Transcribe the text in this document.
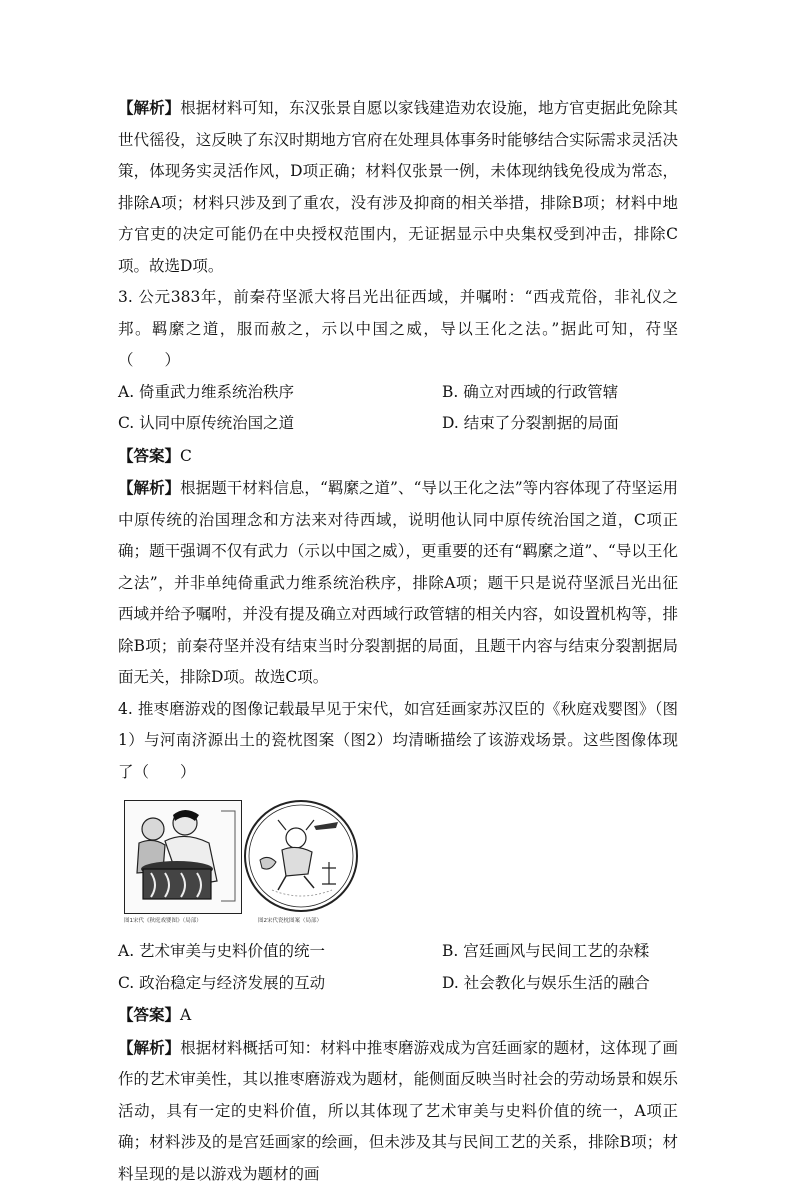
【解析】根据材料可知，东汉张景自愿以家钱建造劝农设施，地方官吏据此免除其世代徭役，这反映了东汉时期地方官府在处理具体事务时能够结合实际需求灵活决策，体现务实灵活作风，D项正确；材料仅张景一例，未体现纳钱免役成为常态，排除A项；材料只涉及到了重农，没有涉及抑商的相关举措，排除B项；材料中地方官吏的决定可能仍在中央授权范围内，无证据显示中央集权受到冲击，排除C项。故选D项。

3. 公元383年，前秦苻坚派大将吕光出征西域，并嘱咐：“西戎荒俗，非礼仪之邦。羁縻之道，服而赦之，示以中国之威，导以王化之法。”据此可知，苻坚（　　）

A. 倚重武力维系统治秩序	B. 确立对西域的行政管辖
C. 认同中原传统治国之道	D. 结束了分裂割据的局面

【答案】C

【解析】根据题干材料信息，“羁縻之道”、“导以王化之法”等内容体现了苻坚运用中原传统的治国理念和方法来对待西域，说明他认同中原传统治国之道，C项正确；题干强调不仅有武力（示以中国之威），更重要的还有“羁縻之道”、“导以王化之法”，并非单纯倚重武力维系统治秩序，排除A项；题干只是说苻坚派吕光出征西域并给予嘱咐，并没有提及确立对西域行政管辖的相关内容，如设置机构等，排除B项；前秦苻坚并没有结束当时分裂割据的局面，且题干内容与结束分裂割据局面无关，排除D项。故选C项。

4. 推枣磨游戏的图像记载最早见于宋代，如宫廷画家苏汉臣的《秋庭戏婴图》（图1）与河南济源出土的瓷枕图案（图2）均清晰描绘了该游戏场景。这些图像体现了（　　）

图1宋代《秋庭戏婴图》（局部）	图2宋代瓷枕图案（局部）
A. 艺术审美与史料价值的统一	B. 宫廷画风与民间工艺的杂糅
C. 政治稳定与经济发展的互动	D. 社会教化与娱乐生活的融合

【答案】A

【解析】根据材料概括可知：材料中推枣磨游戏成为宫廷画家的题材，这体现了画作的艺术审美性，其以推枣磨游戏为题材，能侧面反映当时社会的劳动场景和娱乐活动，具有一定的史料价值，所以其体现了艺术审美与史料价值的统一，A项正确；材料涉及的是宫廷画家的绘画，但未涉及其与民间工艺的关系，排除B项；材料呈现的是以游戏为题材的画
